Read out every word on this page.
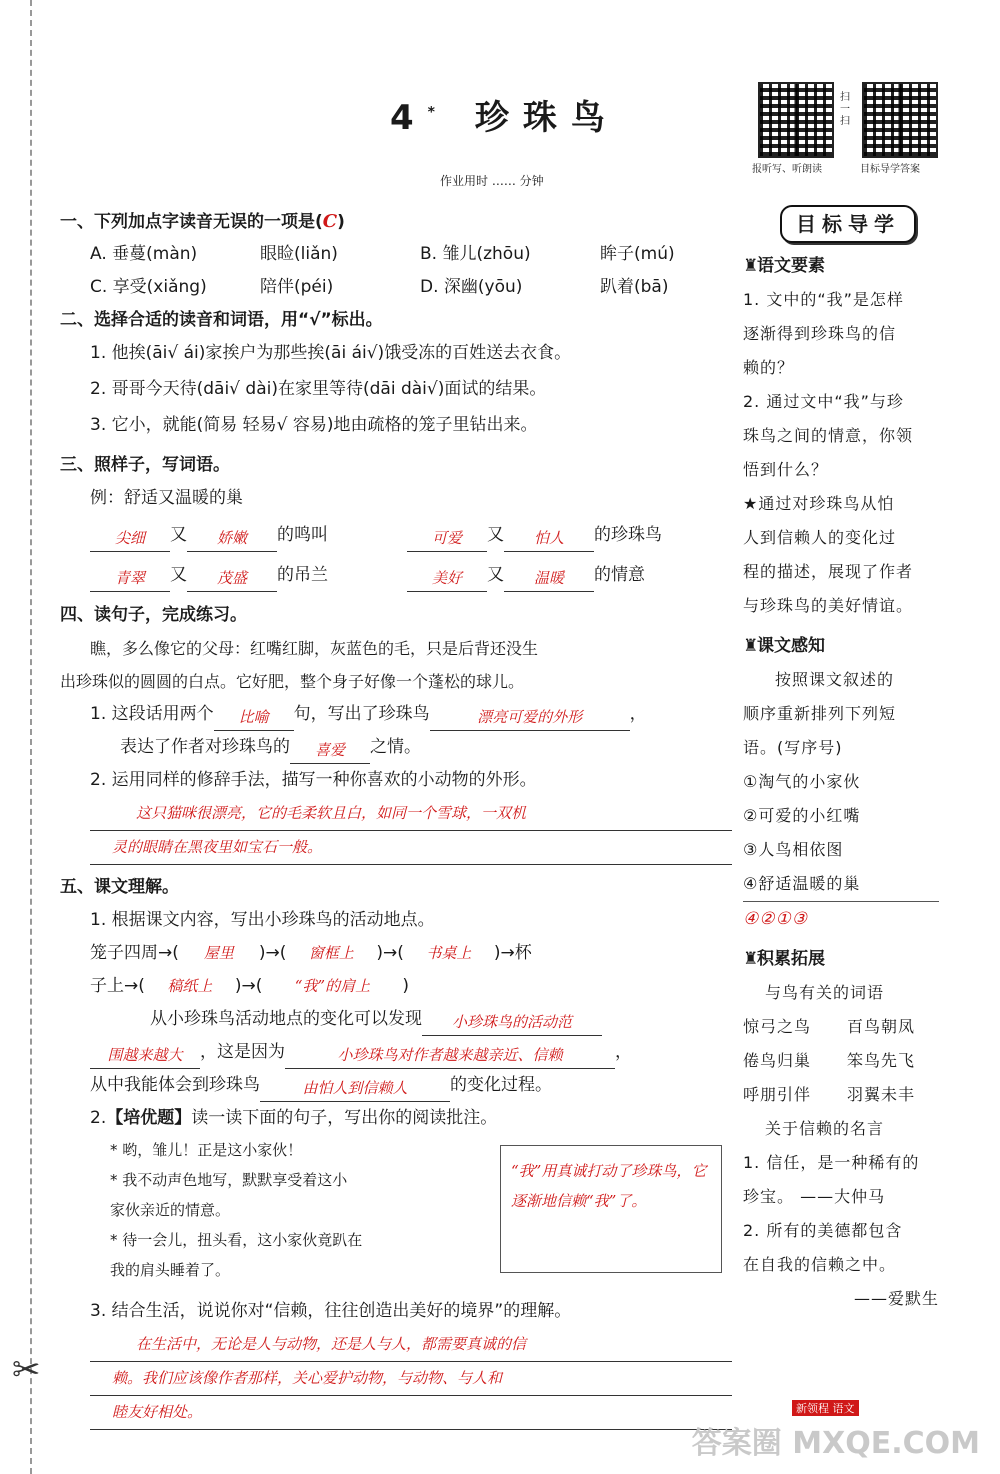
✂
4* 珍珠鸟
作业用时 …… 分钟
扫一扫
报听写、听朗读	目标导学答案
一、下列加点字读音无误的一项是(C)
A. 垂蔓(màn)	眼睑(liǎn)	B. 雏儿(zhōu)	眸子(mú)
C. 享受(xiǎng)	陪伴(péi)	D. 深幽(yōu)	趴着(bā)
二、选择合适的读音和词语，用“√”标出。
1. 他挨(āi√ ái)家挨户为那些挨(āi ái√)饿受冻的百姓送去衣食。
2. 哥哥今天待(dāi√ dài)在家里等待(dāi dài√)面试的结果。
3. 它小，就能(简易 轻易√ 容易)地由疏格的笼子里钻出来。
三、照样子，写词语。
例：舒适又温暖的巢
尖细 又 娇嫩 的鸣叫	可爱 又 怕人 的珍珠鸟
青翠 又 茂盛 的吊兰	美好 又 温暖 的情意
四、读句子，完成练习。
瞧，多么像它的父母：红嘴红脚，灰蓝色的毛，只是后背还没生
出珍珠似的圆圆的白点。它好肥，整个身子好像一个蓬松的球儿。
1. 这段话用两个 比喻 句，写出了珍珠鸟	漂亮可爱的外形	，
表达了作者对珍珠鸟的 喜爱 之情。
2. 运用同样的修辞手法，描写一种你喜欢的小动物的外形。
这只猫咪很漂亮，它的毛柔软且白，如同一个雪球，一双机
灵的眼睛在黑夜里如宝石一般。
五、课文理解。
1. 根据课文内容，写出小珍珠鸟的活动地点。
笼子四周→( 屋里 )→( 窗框上 )→( 书桌上 )→杯
子上→( 稿纸上 )→( “我”的肩上 )
从小珍珠鸟活动地点的变化可以发现 小珍珠鸟的活动范
围越来越大 ，这是因为	小珍珠鸟对作者越来越亲近、信赖	，
从中我能体会到珍珠鸟	由怕人到信赖人	的变化过程。
2.【培优题】读一读下面的句子，写出你的阅读批注。
* 哟，雏儿！正是这小家伙！
* 我不动声色地写，默默享受着这小
家伙亲近的情意。
* 待一会儿，扭头看，这小家伙竟趴在
我的肩头睡着了。
“我”用真诚打动了珍珠鸟，它逐渐地信赖“我”了。
3. 结合生活，说说你对“信赖，往往创造出美好的境界”的理解。
在生活中，无论是人与动物，还是人与人，都需要真诚的信
赖。我们应该像作者那样，关心爱护动物，与动物、与人和
睦友好相处。
目标导学
♜语文要素
1. 文中的“我”是怎样
逐渐得到珍珠鸟的信
赖的？
2. 通过文中“我”与珍
珠鸟之间的情意，你领
悟到什么？
★通过对珍珠鸟从怕
人到信赖人的变化过
程的描述，展现了作者
与珍珠鸟的美好情谊。
♜课文感知
按照课文叙述的
顺序重新排列下列短
语。(写序号)
①淘气的小家伙
②可爱的小红嘴
③人鸟相依图
④舒适温暖的巢
④②①③
♜积累拓展
与鸟有关的词语
惊弓之鸟 百鸟朝凤
倦鸟归巢 笨鸟先飞
呼朋引伴 羽翼未丰
关于信赖的名言
1. 信任，是一种稀有的
珍宝。 ——大仲马
2. 所有的美德都包含
在自我的信赖之中。
——爱默生
新领程 语文
答案圈 MXQE.COM
